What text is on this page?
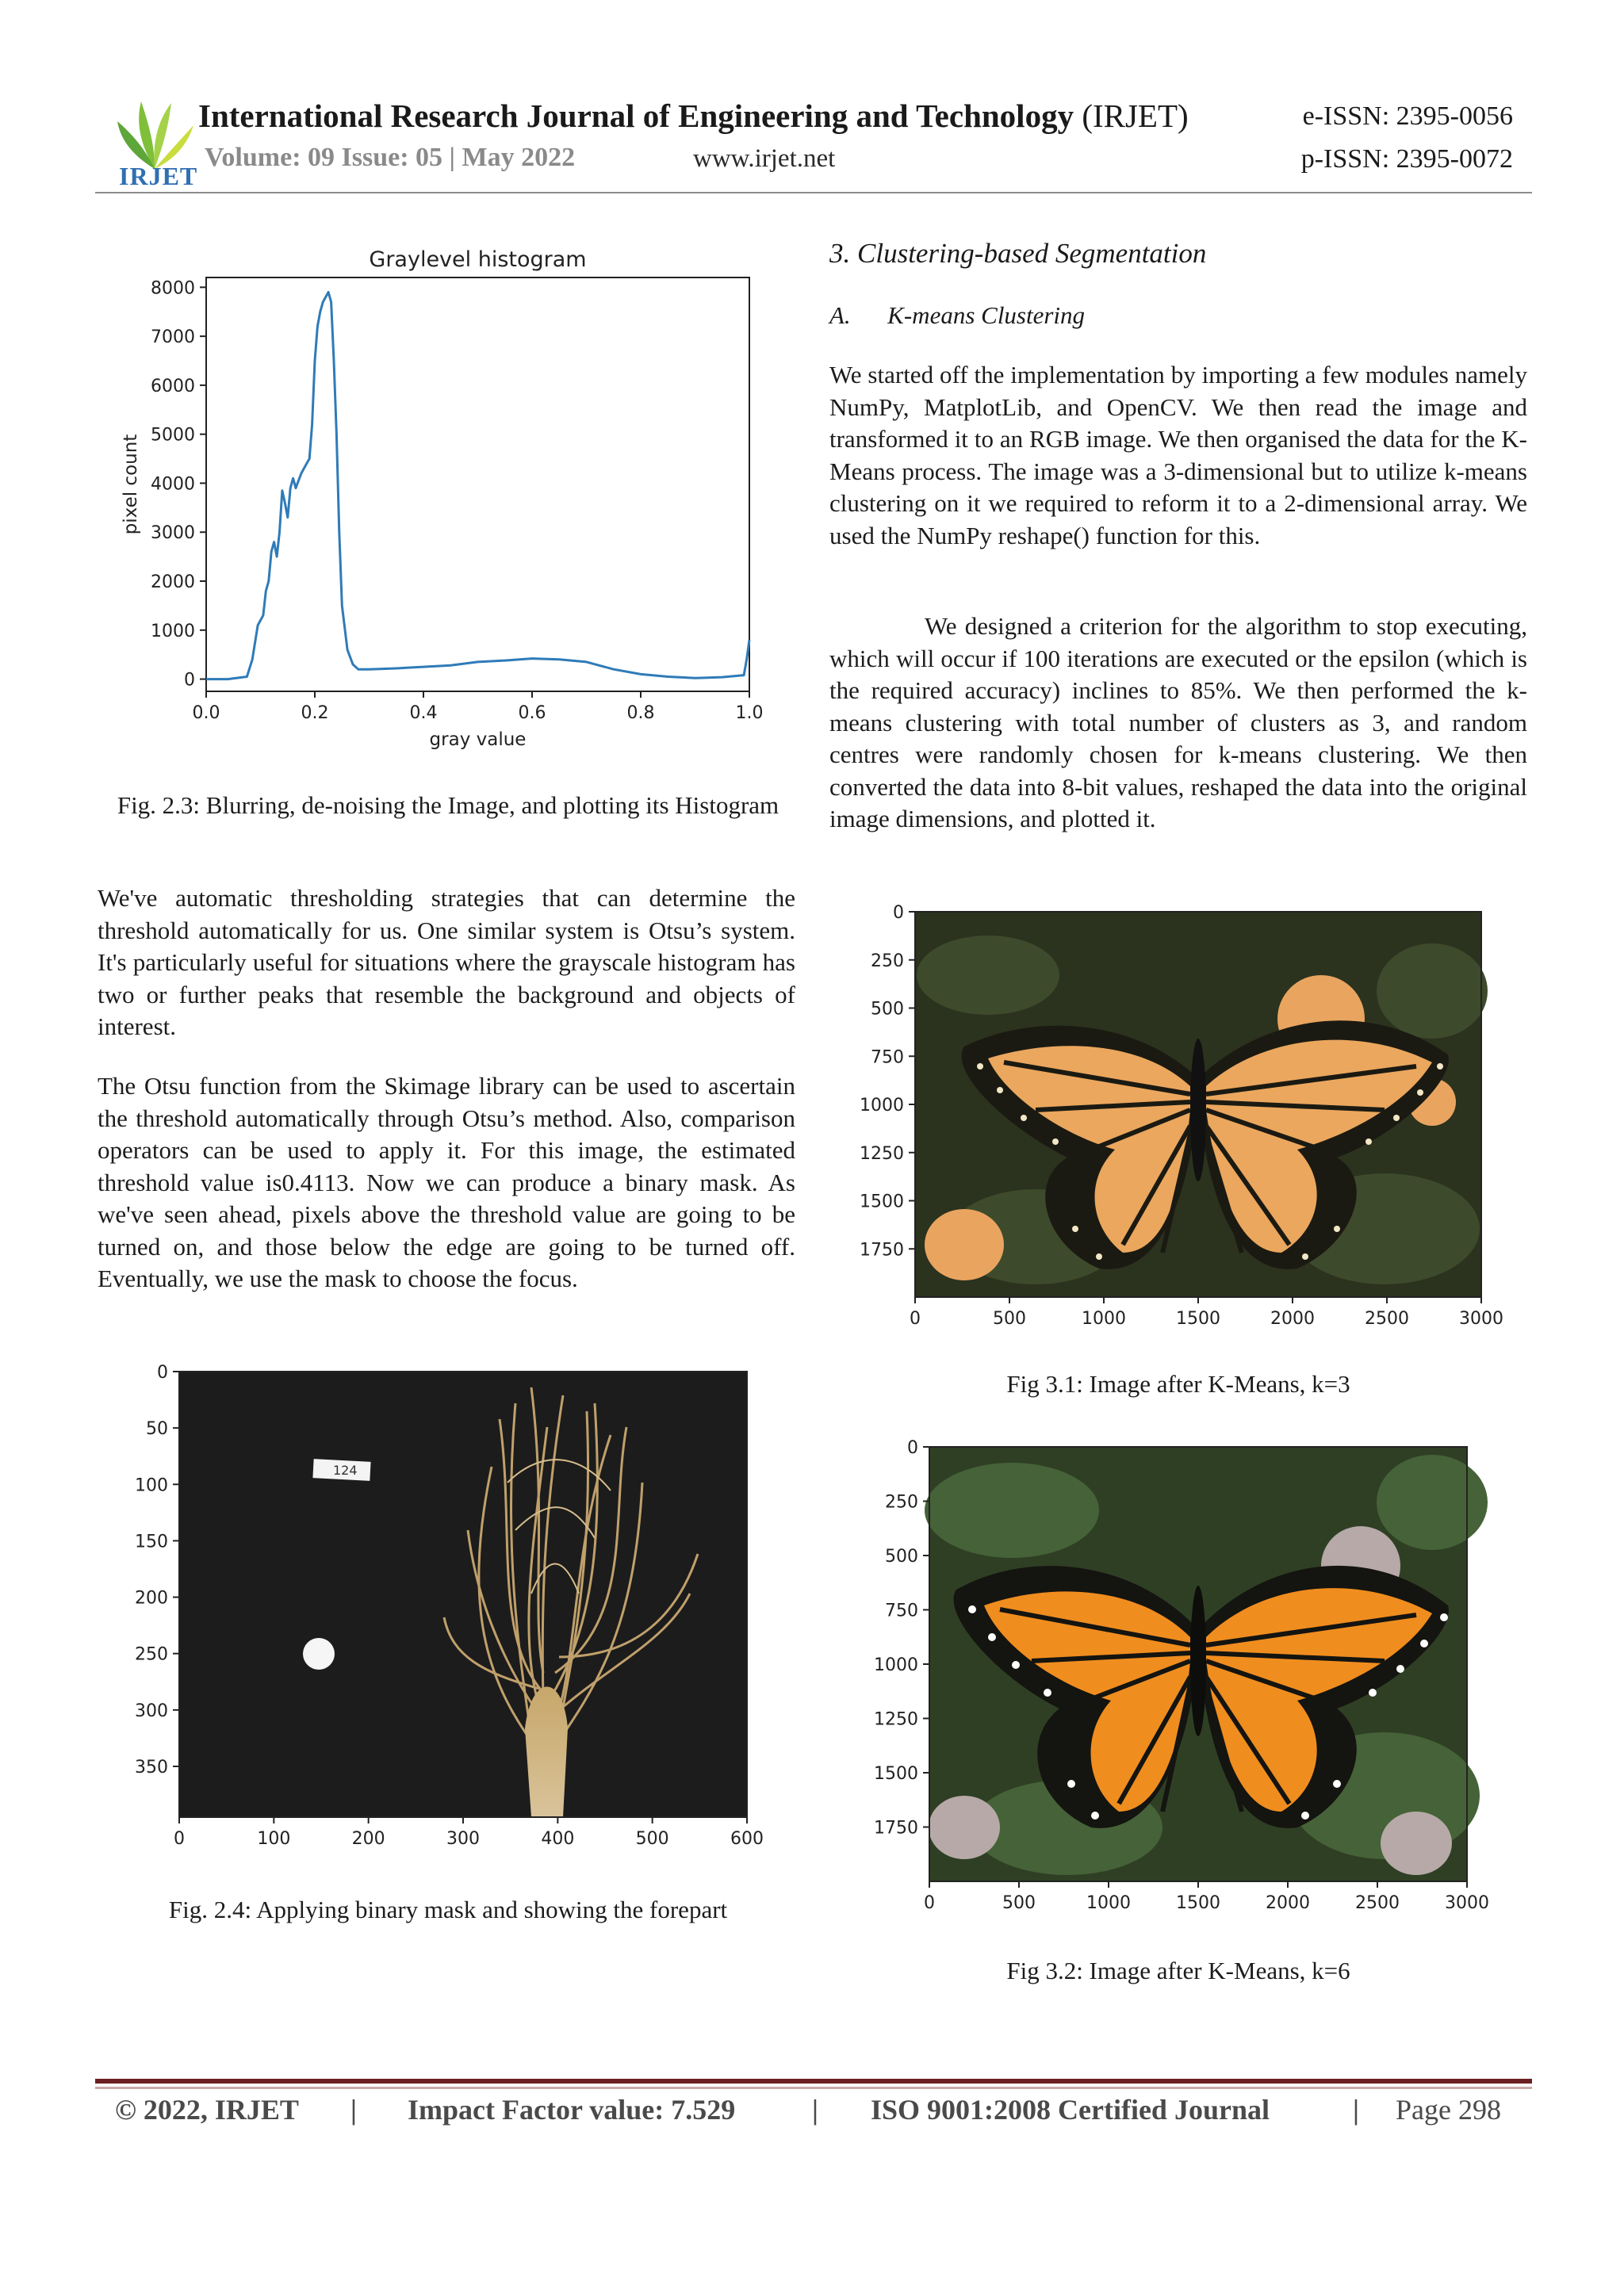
IRJET
International Research Journal of Engineering and Technology (IRJET)
Volume: 09 Issue: 05 | May 2022	www.irjet.net
e-ISSN: 2395-0056
p-ISSN: 2395-0072
Graylevel histogram
0.0	0.2	0.4	0.6	0.8	1.0
0
1000
2000
3000
4000
5000
6000
7000
8000
gray value
pixel count
Fig. 2.3: Blurring, de-noising the Image, and plotting its Histogram

We've automatic thresholding strategies that can determine the threshold automatically for us. One similar system is Otsu’s system. It's particularly useful for situations where the grayscale histogram has two or further peaks that resemble the background and objects of interest.

The Otsu function from the Skimage library can be used to ascertain the threshold automatically through Otsu’s method. Also, comparison operators can be used to apply it. For this image, the estimated threshold value is0.4113. Now we can produce a binary mask. As we've seen ahead, pixels above the threshold value are going to be turned on, and those below the edge are going to be turned off. Eventually, we use the mask to choose the focus.

124
0	100	200	300	400	500	600
0
50
100
150
200
250
300
350
Fig. 2.4: Applying binary mask and showing the forepart
3. Clustering-based Segmentation
A.  K-means Clustering

We started off the implementation by importing a few modules namely NumPy, MatplotLib, and OpenCV. We then read the image and transformed it to an RGB image. We then organised the data for the K-Means process. The image was a 3-dimensional but to utilize k-means clustering on it we required to reform it to a 2-dimensional array. We used the NumPy reshape() function for this.

We designed a criterion for the algorithm to stop executing, which will occur if 100 iterations are executed or the epsilon (which is the required accuracy) inclines to 85%. We then performed the k-means clustering with total number of clusters as 3, and random centres were randomly chosen for k-means clustering. We then converted the data into 8-bit values, reshaped the data into the original image dimensions, and plotted it.

0	500	1000	1500	2000	2500	3000
0
250
500
750
1000
1250
1500
1750
Fig 3.1: Image after K-Means, k=3
0	500	1000	1500	2000	2500	3000
0
250
500
750
1000
1250
1500
1750
Fig 3.2: Image after K-Means, k=6
© 2022, IRJET | Impact Factor value: 7.529	| ISO 9001:2008 Certified Journal	| Page 298
